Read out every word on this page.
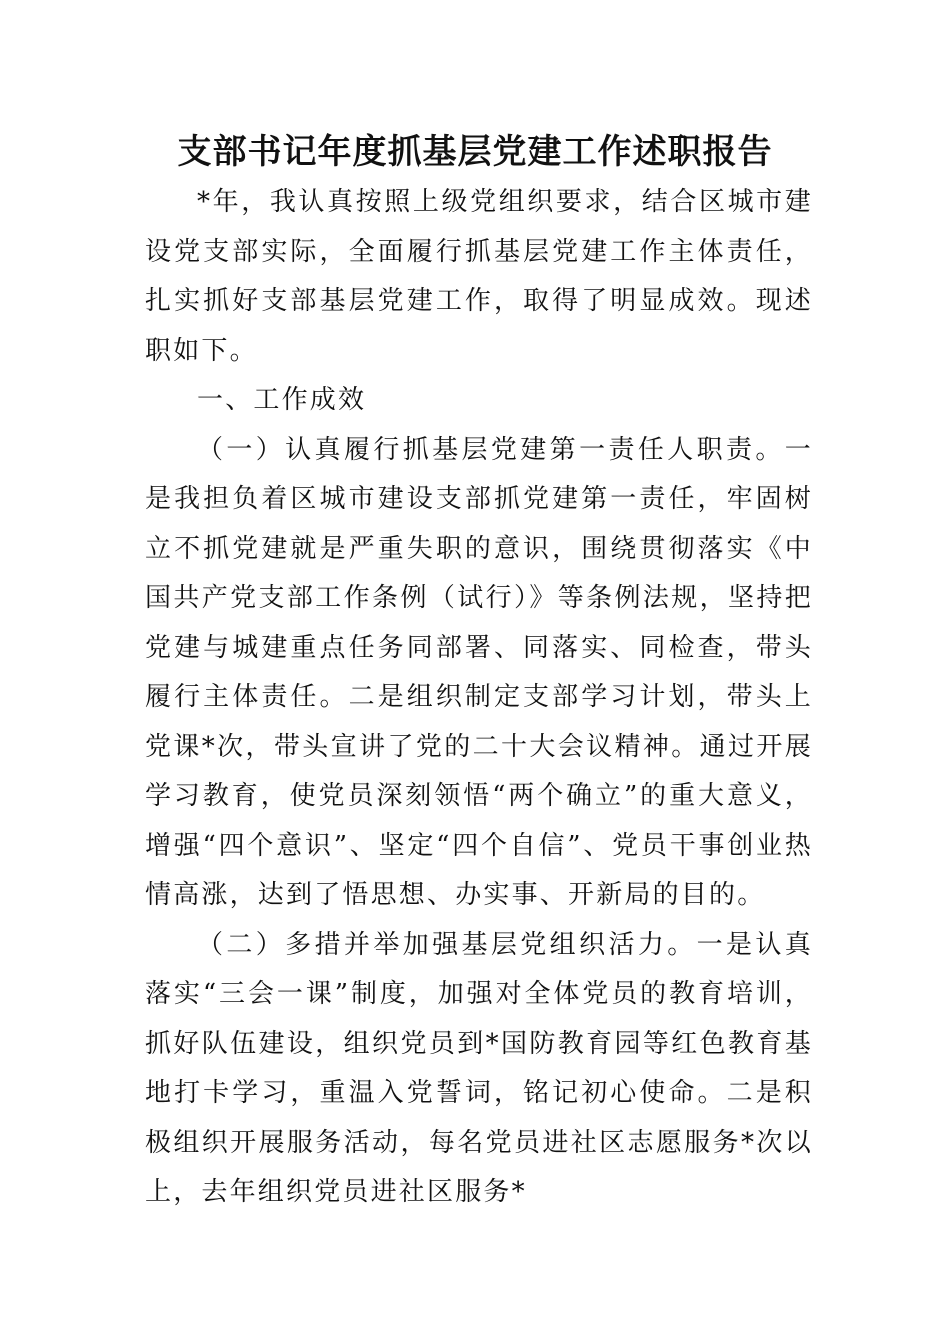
支部书记年度抓基层党建工作述职报告

*年，我认真按照上级党组织要求，结合区城市建设党支部实际，全面履行抓基层党建工作主体责任，扎实抓好支部基层党建工作，取得了明显成效。现述职如下。

一、工作成效

（一）认真履行抓基层党建第一责任人职责。一是我担负着区城市建设支部抓党建第一责任，牢固树立不抓党建就是严重失职的意识，围绕贯彻落实《中国共产党支部工作条例（试行）》等条例法规，坚持把党建与城建重点任务同部署、同落实、同检查，带头履行主体责任。二是组织制定支部学习计划，带头上党课*次，带头宣讲了党的二十大会议精神。通过开展学习教育，使党员深刻领悟“两个确立”的重大意义，增强“四个意识”、坚定“四个自信”、党员干事创业热情高涨，达到了悟思想、办实事、开新局的目的。

（二）多措并举加强基层党组织活力。一是认真落实“三会一课”制度，加强对全体党员的教育培训，抓好队伍建设，组织党员到*国防教育园等红色教育基地打卡学习，重温入党誓词，铭记初心使命。二是积极组织开展服务活动，每名党员进社区志愿服务*次以上，去年组织党员进社区服务*
